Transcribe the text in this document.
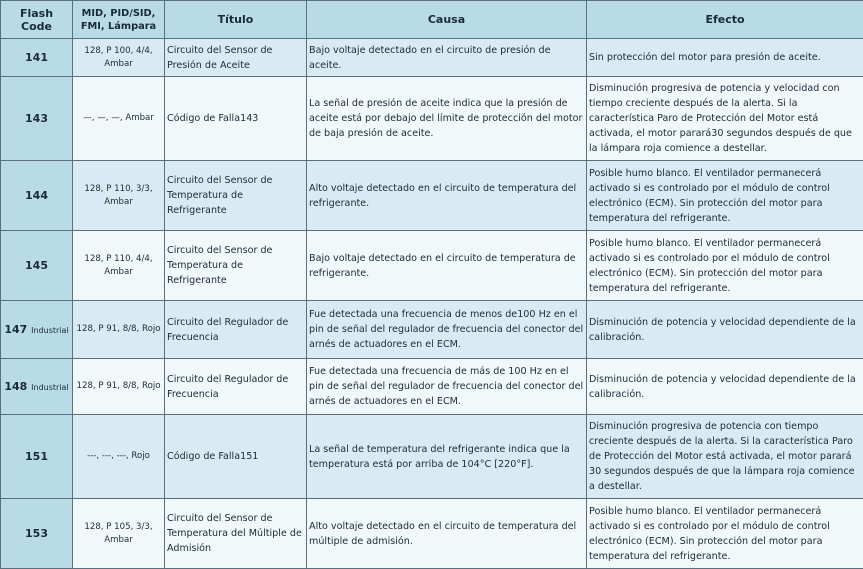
Flash Code	MID, PID/SID, FMI, Lámpara	Título	Causa	Efecto
141	128, P 100, 4/4, Ambar	Circuito del Sensor de Presión de Aceite	Bajo voltaje detectado en el circuito de presión de aceite.	Sin protección del motor para presión de aceite.
143	—, —, —, Ambar	Código de Falla143	La señal de presión de aceite indica que la presión de aceite está por debajo del límite de protección del motor de baja presión de aceite.	Disminución progresiva de potencia y velocidad con tiempo creciente después de la alerta. Si la característica Paro de Protección del Motor está activada, el motor parará30 segundos después de que la lámpara roja comience a destellar.
144	128, P 110, 3/3, Ambar	Circuito del Sensor de Temperatura de Refrigerante	Alto voltaje detectado en el circuito de temperatura del refrigerante.	Posible humo blanco. El ventilador permanecerá activado si es controlado por el módulo de control electrónico (ECM). Sin protección del motor para temperatura del refrigerante.
145	128, P 110, 4/4, Ambar	Circuito del Sensor de Temperatura de Refrigerante	Bajo voltaje detectado en el circuito de temperatura de refrigerante.	Posible humo blanco. El ventilador permanecerá activado si es controlado por el módulo de control electrónico (ECM). Sin protección del motor para temperatura del refrigerante.
147 Industrial	128, P 91, 8/8, Rojo	Circuito del Regulador de Frecuencia	Fue detectada una frecuencia de menos de100 Hz en el pin de señal del regulador de frecuencia del conector del arnés de actuadores en el ECM.	Disminución de potencia y velocidad dependiente de la calibración.
148 Industrial	128, P 91, 8/8, Rojo	Circuito del Regulador de Frecuencia	Fue detectada una frecuencia de más de 100 Hz en el pin de señal del regulador de frecuencia del conector del arnés de actuadores en el ECM.	Disminución de potencia y velocidad dependiente de la calibración.
151	---, ---, ---, Rojo	Código de Falla151	La señal de temperatura del refrigerante indica que la temperatura está por arriba de 104°C [220°F].	Disminución progresiva de potencia con tiempo creciente después de la alerta. Si la característica Paro de Protección del Motor está activada, el motor parará 30 segundos después de que la lámpara roja comience a destellar.
153	128, P 105, 3/3, Ambar	Circuito del Sensor de Temperatura del Múltiple de Admisión	Alto voltaje detectado en el circuito de temperatura del múltiple de admisión.	Posible humo blanco. El ventilador permanecerá activado si es controlado por el módulo de control electrónico (ECM). Sin protección del motor para temperatura del refrigerante.
